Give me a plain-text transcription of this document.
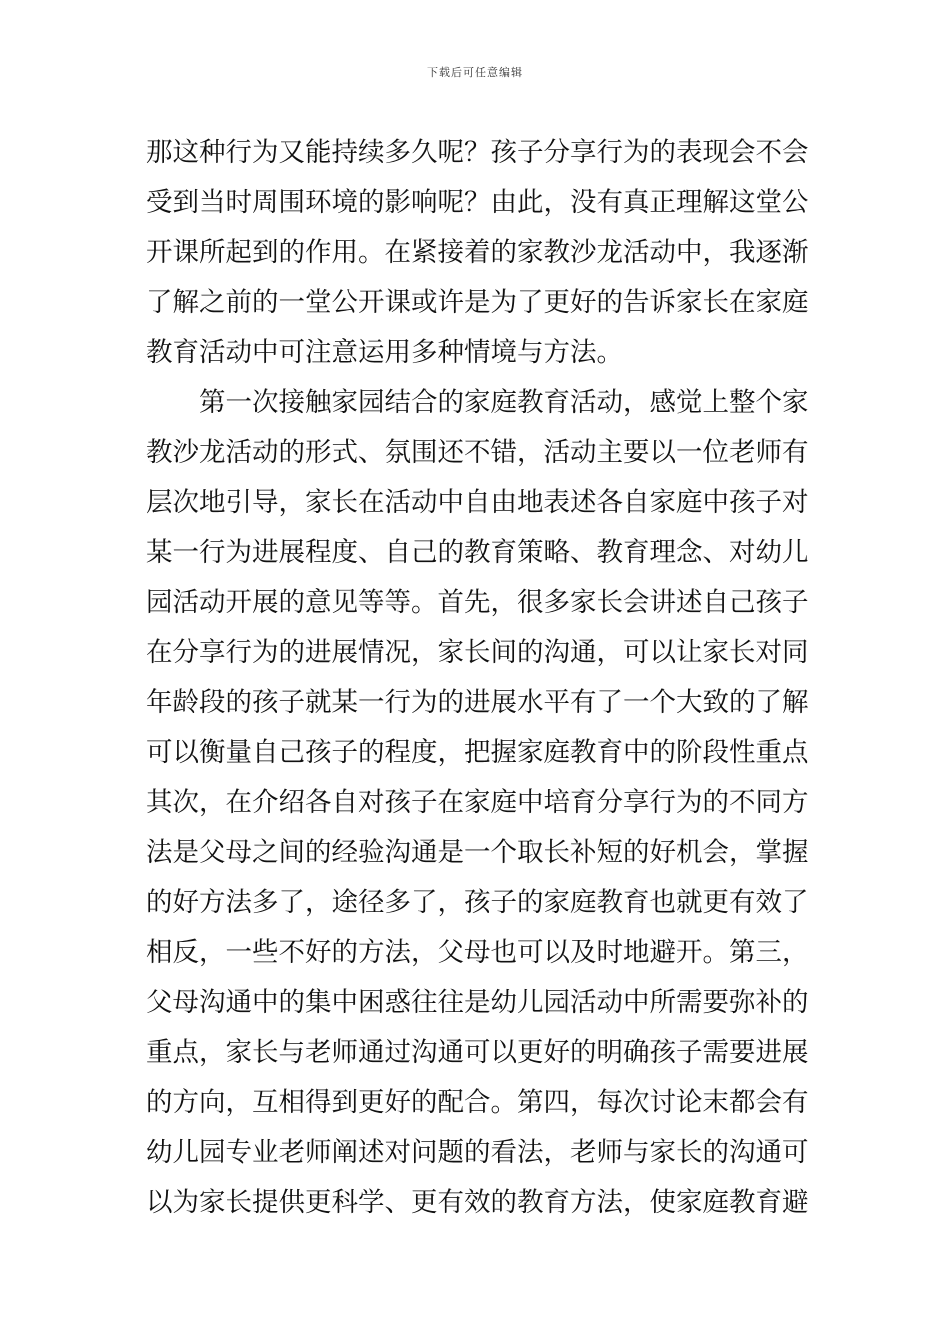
下载后可任意编辑
那这种行为又能持续多久呢？孩子分享行为的表现会不会
受到当时周围环境的影响呢？由此，没有真正理解这堂公
开课所起到的作用。在紧接着的家教沙龙活动中，我逐渐
了解之前的一堂公开课或许是为了更好的告诉家长在家庭
教育活动中可注意运用多种情境与方法。
　　第一次接触家园结合的家庭教育活动，感觉上整个家
教沙龙活动的形式、氛围还不错，活动主要以一位老师有
层次地引导，家长在活动中自由地表述各自家庭中孩子对
某一行为进展程度、自己的教育策略、教育理念、对幼儿
园活动开展的意见等等。首先，很多家长会讲述自己孩子
在分享行为的进展情况，家长间的沟通，可以让家长对同
年龄段的孩子就某一行为的进展水平有了一个大致的了解
可以衡量自己孩子的程度，把握家庭教育中的阶段性重点
其次，在介绍各自对孩子在家庭中培育分享行为的不同方
法是父母之间的经验沟通是一个取长补短的好机会，掌握
的好方法多了，途径多了，孩子的家庭教育也就更有效了
相反，一些不好的方法，父母也可以及时地避开。第三，
父母沟通中的集中困惑往往是幼儿园活动中所需要弥补的
重点，家长与老师通过沟通可以更好的明确孩子需要进展
的方向，互相得到更好的配合。第四，每次讨论末都会有
幼儿园专业老师阐述对问题的看法，老师与家长的沟通可
以为家长提供更科学、更有效的教育方法，使家庭教育避
